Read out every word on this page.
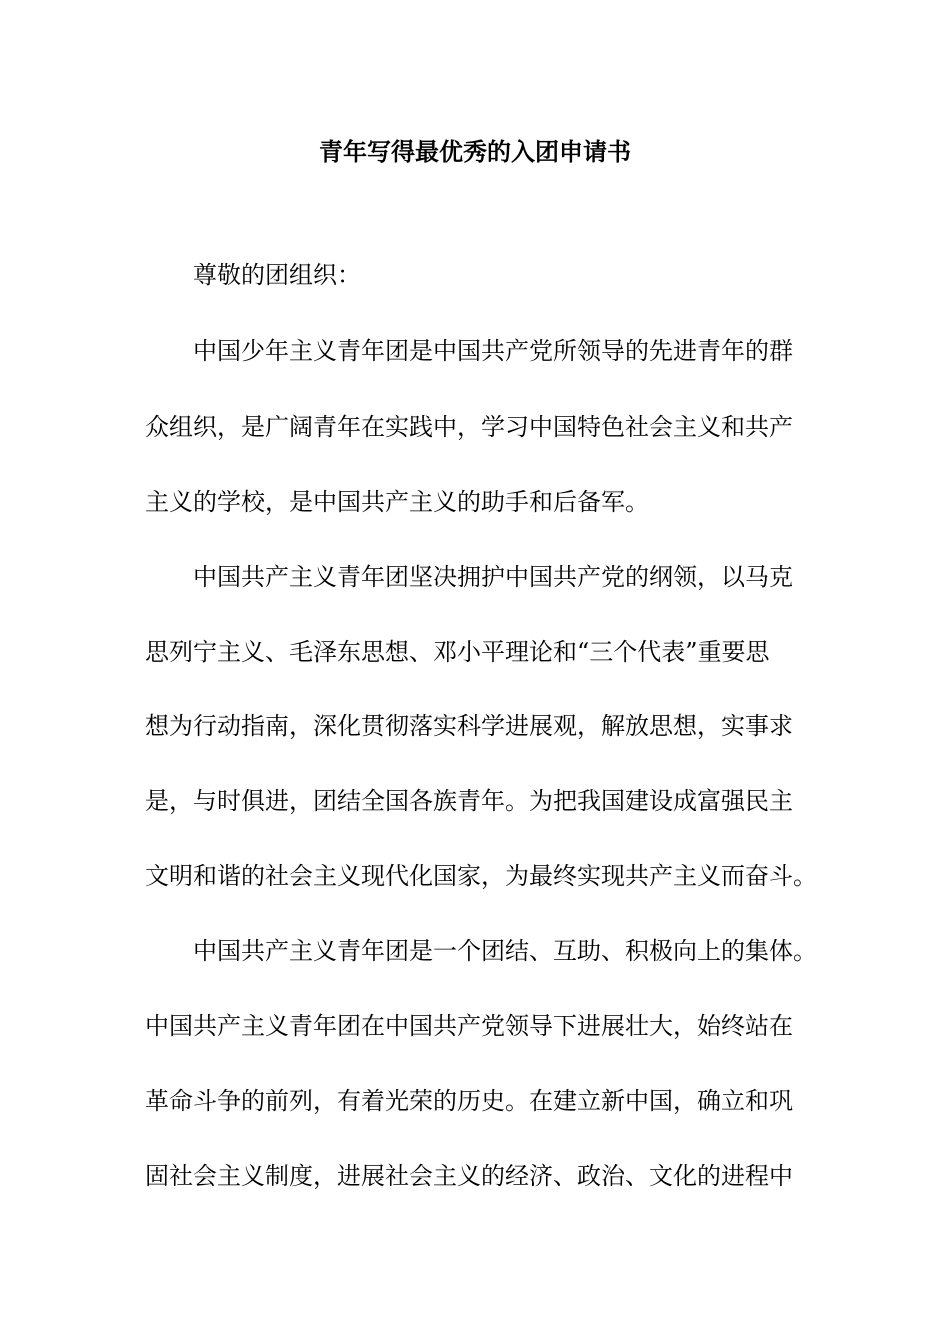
青年写得最优秀的入团申请书
尊敬的团组织：
中国少年主义青年团是中国共产党所领导的先进青年的群
众组织，是广阔青年在实践中，学习中国特色社会主义和共产
主义的学校，是中国共产主义的助手和后备军。
中国共产主义青年团坚决拥护中国共产党的纲领，以马克
思列宁主义、毛泽东思想、邓小平理论和“三个代表”重要思
想为行动指南，深化贯彻落实科学进展观，解放思想，实事求
是，与时俱进，团结全国各族青年。为把我国建设成富强民主
文明和谐的社会主义现代化国家，为最终实现共产主义而奋斗。
中国共产主义青年团是一个团结、互助、积极向上的集体。
中国共产主义青年团在中国共产党领导下进展壮大，始终站在
革命斗争的前列，有着光荣的历史。在建立新中国，确立和巩
固社会主义制度，进展社会主义的经济、政治、文化的进程中
